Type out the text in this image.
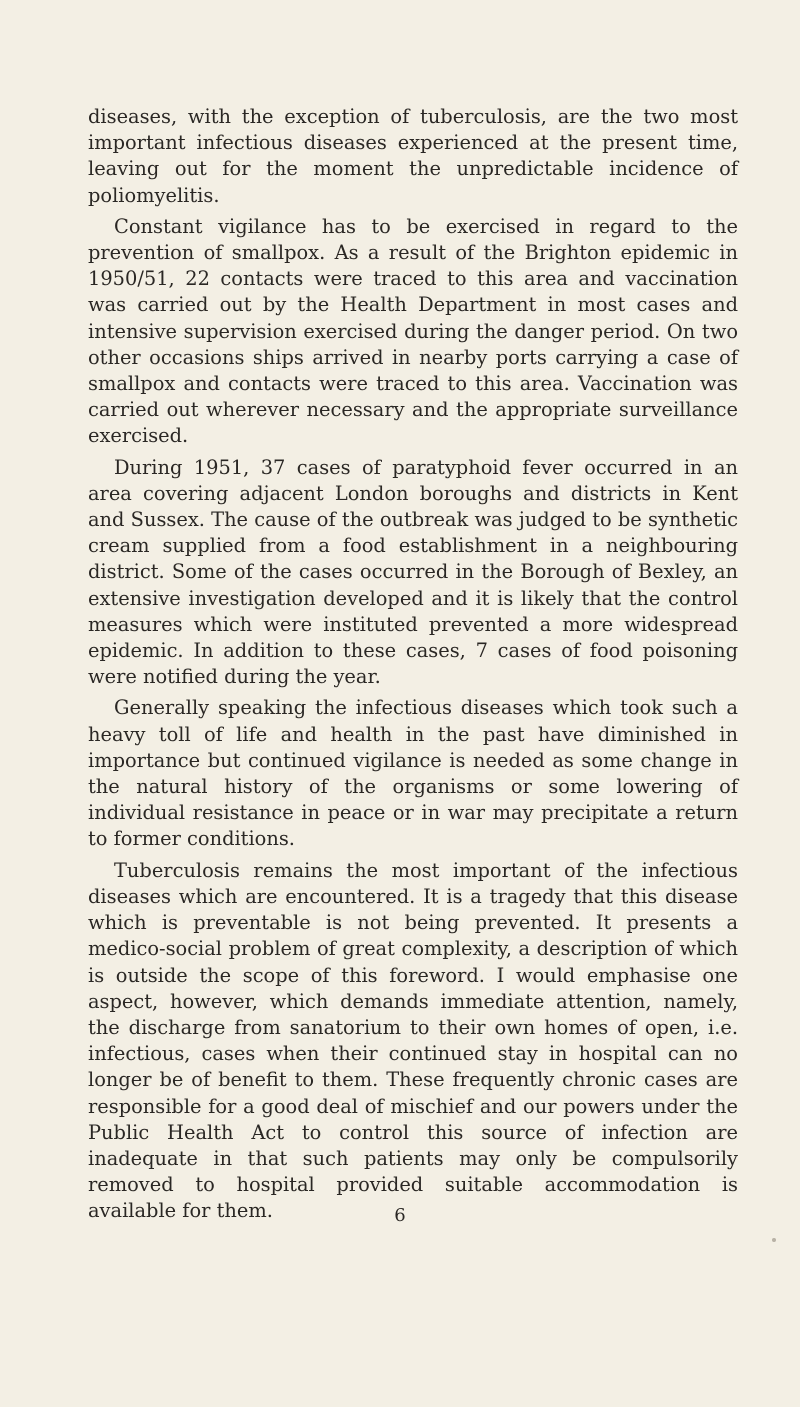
diseases, with the exception of tuberculosis, are the two most important infectious diseases experienced at the present time, leaving out for the moment the unpredictable incidence of poliomyelitis.

Constant vigilance has to be exercised in regard to the prevention of smallpox. As a result of the Brighton epidemic in 1950/51, 22 contacts were traced to this area and vaccination was carried out by the Health Department in most cases and intensive supervision exercised during the danger period. On two other occasions ships arrived in nearby ports carrying a case of smallpox and contacts were traced to this area. Vaccination was carried out wherever necessary and the appropriate surveillance exercised.

During 1951, 37 cases of paratyphoid fever occurred in an area covering adjacent London boroughs and districts in Kent and Sussex. The cause of the outbreak was judged to be synthetic cream supplied from a food establishment in a neighbouring district. Some of the cases occurred in the Borough of Bexley, an extensive investigation developed and it is likely that the control measures which were instituted prevented a more widespread epidemic. In addition to these cases, 7 cases of food poisoning were notified during the year.

Generally speaking the infectious diseases which took such a heavy toll of life and health in the past have diminished in importance but continued vigilance is needed as some change in the natural history of the organisms or some lowering of individual resistance in peace or in war may precipitate a return to former conditions.

Tuberculosis remains the most important of the infectious diseases which are encountered. It is a tragedy that this disease which is preventable is not being prevented. It presents a medico-social problem of great complexity, a description of which is outside the scope of this foreword. I would emphasise one aspect, however, which demands immediate attention, namely, the discharge from sanatorium to their own homes of open, i.e. infectious, cases when their continued stay in hospital can no longer be of benefit to them. These frequently chronic cases are responsible for a good deal of mischief and our powers under the Public Health Act to control this source of infection are inadequate in that such patients may only be compulsorily removed to hospital provided suitable accommodation is available for them.	6
